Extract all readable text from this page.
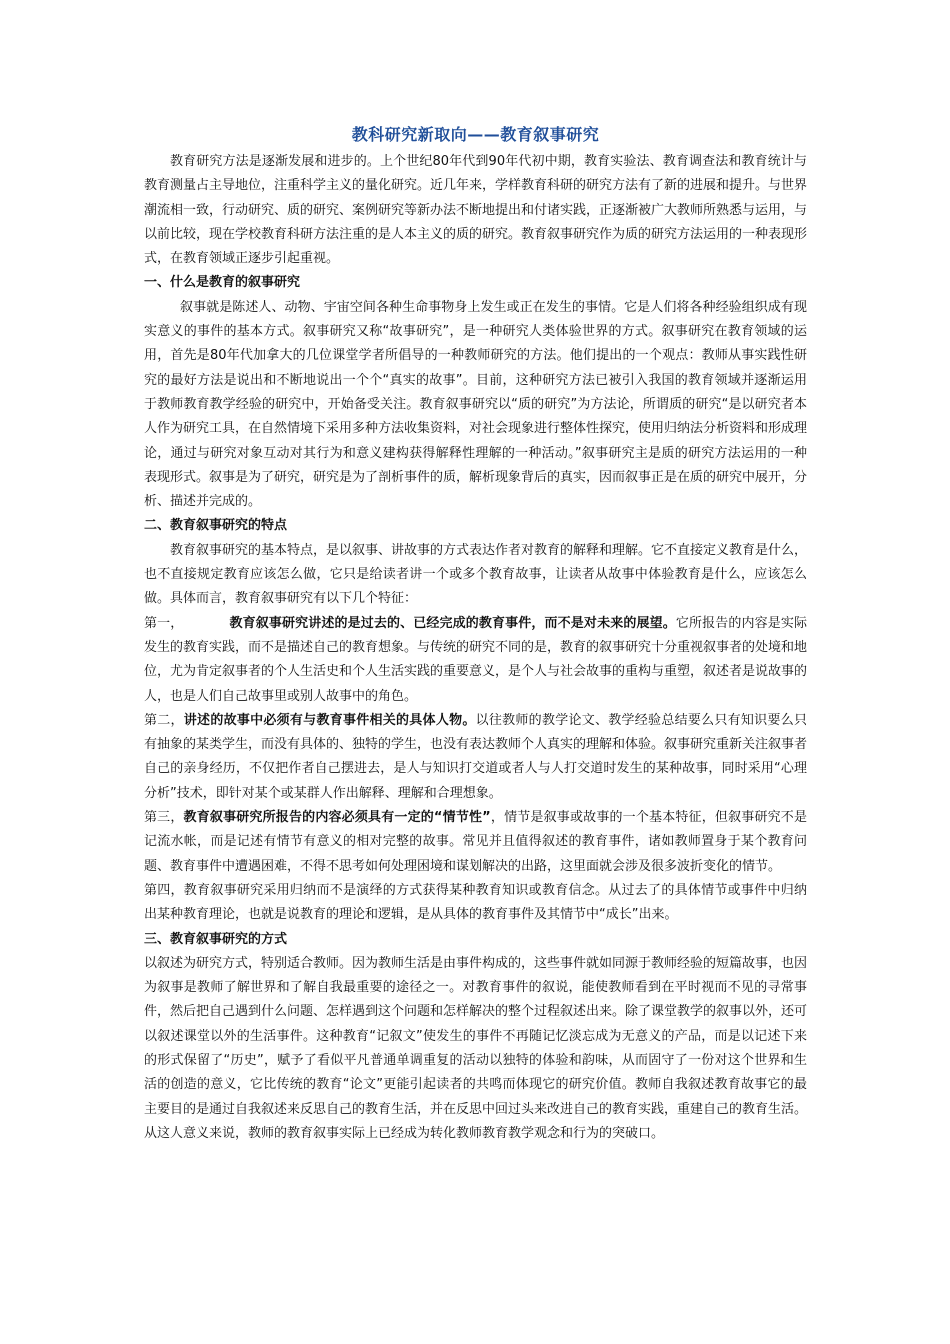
教科研究新取向——教育叙事研究

教育研究方法是逐渐发展和进步的。上个世纪80年代到90年代初中期，教育实验法、教育调查法和教育统计与教育测量占主导地位，注重科学主义的量化研究。近几年来，学样教育科研的研究方法有了新的进展和提升。与世界潮流相一致，行动研究、质的研究、案例研究等新办法不断地提出和付诸实践，正逐渐被广大教师所熟悉与运用，与以前比较，现在学校教育科研方法注重的是人本主义的质的研究。教育叙事研究作为质的研究方法运用的一种表现形式，在教育领域正逐步引起重视。

一、什么是教育的叙事研究

叙事就是陈述人、动物、宇宙空间各种生命事物身上发生或正在发生的事情。它是人们将各种经验组织成有现实意义的事件的基本方式。叙事研究又称“故事研究”，是一种研究人类体验世界的方式。叙事研究在教育领域的运用，首先是80年代加拿大的几位课堂学者所倡导的一种教师研究的方法。他们提出的一个观点：教师从事实践性研究的最好方法是说出和不断地说出一个个“真实的故事”。目前，这种研究方法已被引入我国的教育领域并逐渐运用于教师教育教学经验的研究中，开始备受关注。教育叙事研究以“质的研究”为方法论，所谓质的研究“是以研究者本人作为研究工具，在自然情境下采用多种方法收集资料，对社会现象进行整体性探究，使用归纳法分析资料和形成理论，通过与研究对象互动对其行为和意义建构获得解释性理解的一种活动。”叙事研究主是质的研究方法运用的一种表现形式。叙事是为了研究，研究是为了剖析事件的质，解析现象背后的真实，因而叙事正是在质的研究中展开，分析、描述并完成的。

二、教育叙事研究的特点

教育叙事研究的基本特点，是以叙事、讲故事的方式表达作者对教育的解释和理解。它不直接定义教育是什么，也不直接规定教育应该怎么做，它只是给读者讲一个或多个教育故事，让读者从故事中体验教育是什么，应该怎么做。具体而言，教育叙事研究有以下几个特征：

第一，	教育叙事研究讲述的是过去的、已经完成的教育事件，而不是对未来的展望。它所报告的内容是实际发生的教育实践，而不是描述自己的教育想象。与传统的研究不同的是，教育的叙事研究十分重视叙事者的处境和地位，尤为肯定叙事者的个人生活史和个人生活实践的重要意义，是个人与社会故事的重构与重塑，叙述者是说故事的人，也是人们自己故事里或别人故事中的角色。

第二，讲述的故事中必须有与教育事件相关的具体人物。以往教师的教学论文、教学经验总结要么只有知识要么只有抽象的某类学生，而没有具体的、独特的学生，也没有表达教师个人真实的理解和体验。叙事研究重新关注叙事者自己的亲身经历，不仅把作者自己摆进去，是人与知识打交道或者人与人打交道时发生的某种故事，同时采用“心理分析”技术，即针对某个或某群人作出解释、理解和合理想象。

第三，教育叙事研究所报告的内容必须具有一定的“情节性”，情节是叙事或故事的一个基本特征，但叙事研究不是记流水帐，而是记述有情节有意义的相对完整的故事。常见并且值得叙述的教育事件，诸如教师置身于某个教育问题、教育事件中遭遇困难，不得不思考如何处理困境和谋划解决的出路，这里面就会涉及很多波折变化的情节。

第四，教育叙事研究采用归纳而不是演绎的方式获得某种教育知识或教育信念。从过去了的具体情节或事件中归纳出某种教育理论，也就是说教育的理论和逻辑，是从具体的教育事件及其情节中“成长”出来。

三、教育叙事研究的方式

以叙述为研究方式，特别适合教师。因为教师生活是由事件构成的，这些事件就如同源于教师经验的短篇故事，也因为叙事是教师了解世界和了解自我最重要的途径之一。对教育事件的叙说，能使教师看到在平时视而不见的寻常事件，然后把自己遇到什么问题、怎样遇到这个问题和怎样解决的整个过程叙述出来。除了课堂教学的叙事以外，还可以叙述课堂以外的生活事件。这种教育“记叙文”使发生的事件不再随记忆淡忘成为无意义的产品，而是以记述下来的形式保留了“历史”，赋予了看似平凡普通单调重复的活动以独特的体验和韵味，从而固守了一份对这个世界和生活的创造的意义，它比传统的教育“论文”更能引起读者的共鸣而体现它的研究价值。教师自我叙述教育故事它的最主要目的是通过自我叙述来反思自己的教育生活，并在反思中回过头来改进自己的教育实践，重建自己的教育生活。从这人意义来说，教师的教育叙事实际上已经成为转化教师教育教学观念和行为的突破口。
